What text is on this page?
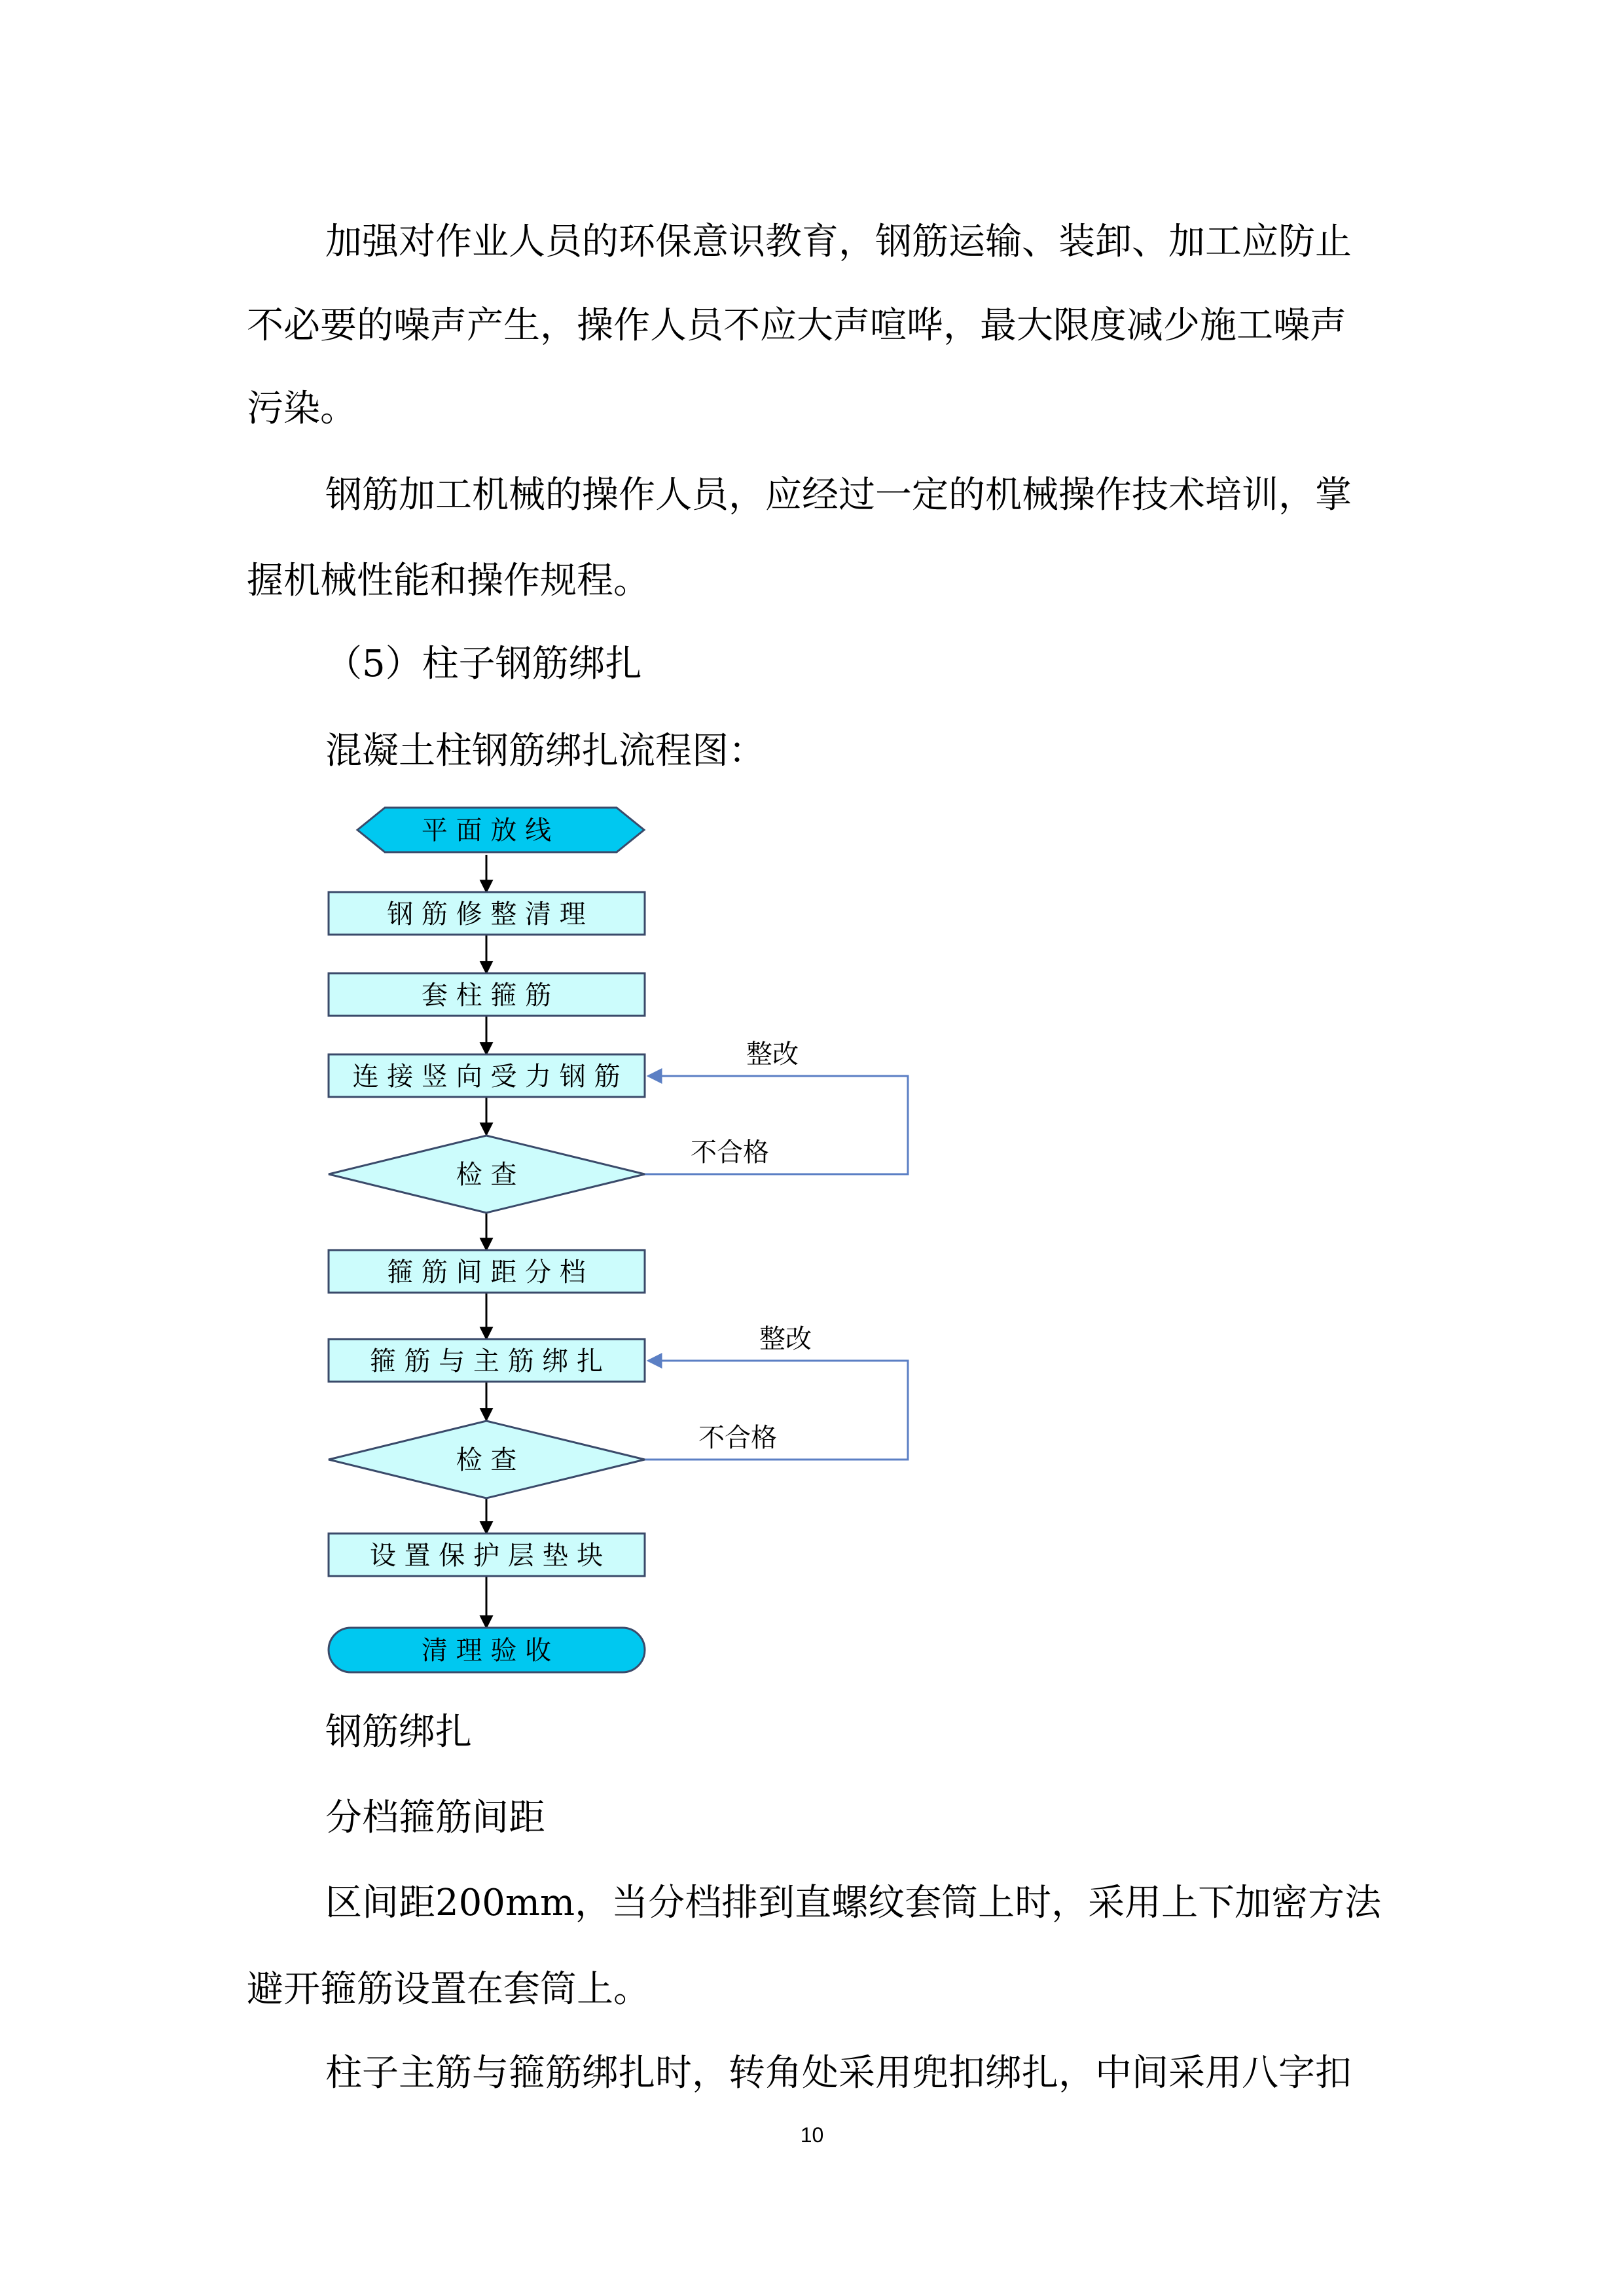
加强对作业人员的环保意识教育，钢筋运输、装卸、加工应防止
不必要的噪声产生，操作人员不应大声喧哗，最大限度减少施工噪声
污染。
钢筋加工机械的操作人员，应经过一定的机械操作技术培训，掌
握机械性能和操作规程。
（5）柱子钢筋绑扎
混凝土柱钢筋绑扎流程图：
平 面 放 线
钢 筋 修 整 清 理
套 柱 箍 筋
连 接 竖 向 受 力 钢 筋
检 查
箍 筋 间 距 分 档
箍 筋 与 主 筋 绑 扎
检 查
设 置 保 护 层 垫 块
清 理 验 收
整改
不合格
整改
不合格
钢筋绑扎
分档箍筋间距
区间距200mm，当分档排到直螺纹套筒上时，采用上下加密方法
避开箍筋设置在套筒上。
柱子主筋与箍筋绑扎时，转角处采用兜扣绑扎，中间采用八字扣
10
